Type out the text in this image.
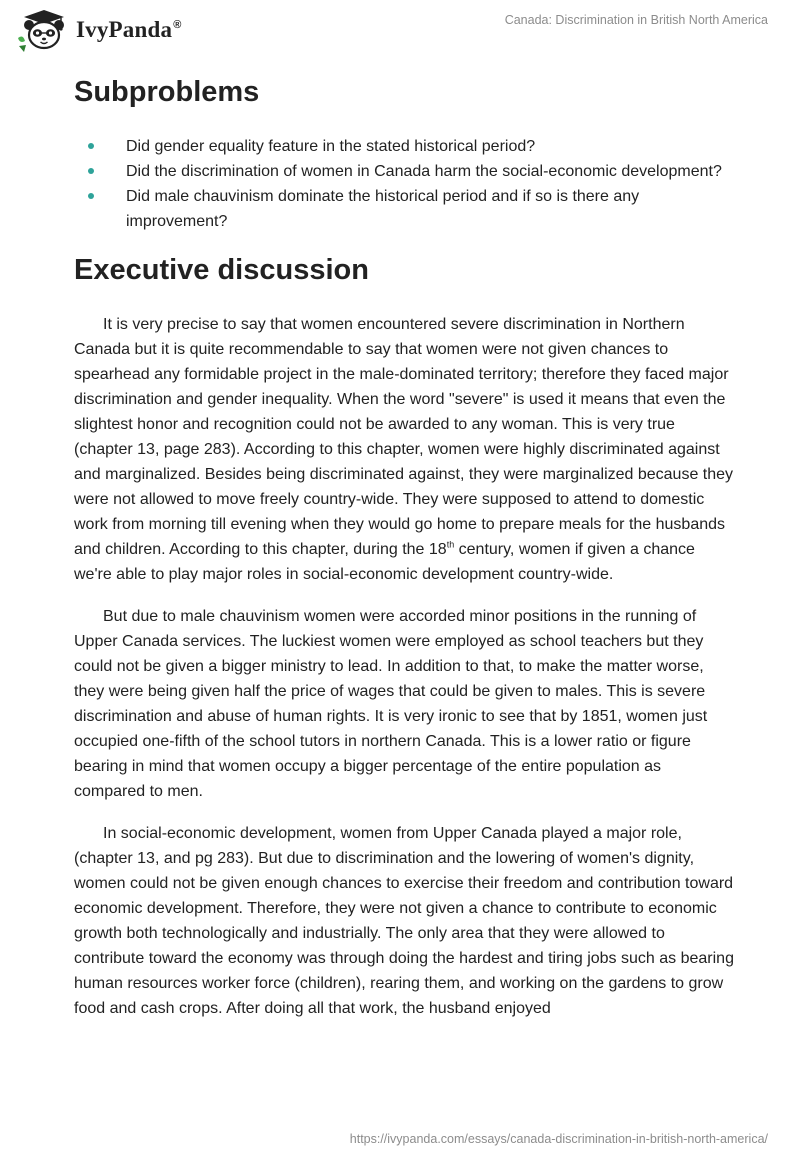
IvyPanda®	Canada: Discrimination in British North America
Subproblems
Did gender equality feature in the stated historical period?
Did the discrimination of women in Canada harm the social-economic development?
Did male chauvinism dominate the historical period and if so is there any improvement?
Executive discussion

It is very precise to say that women encountered severe discrimination in Northern Canada but it is quite recommendable to say that women were not given chances to spearhead any formidable project in the male-dominated territory; therefore they faced major discrimination and gender inequality. When the word "severe" is used it means that even the slightest honor and recognition could not be awarded to any woman. This is very true (chapter 13, page 283). According to this chapter, women were highly discriminated against and marginalized. Besides being discriminated against, they were marginalized because they were not allowed to move freely country-wide. They were supposed to attend to domestic work from morning till evening when they would go home to prepare meals for the husbands and children. According to this chapter, during the 18th century, women if given a chance we're able to play major roles in social-economic development country-wide.

But due to male chauvinism women were accorded minor positions in the running of Upper Canada services. The luckiest women were employed as school teachers but they could not be given a bigger ministry to lead. In addition to that, to make the matter worse, they were being given half the price of wages that could be given to males. This is severe discrimination and abuse of human rights. It is very ironic to see that by 1851, women just occupied one-fifth of the school tutors in northern Canada. This is a lower ratio or figure bearing in mind that women occupy a bigger percentage of the entire population as compared to men.

In social-economic development, women from Upper Canada played a major role, (chapter 13, and pg 283). But due to discrimination and the lowering of women's dignity, women could not be given enough chances to exercise their freedom and contribution toward economic development. Therefore, they were not given a chance to contribute to economic growth both technologically and industrially. The only area that they were allowed to contribute toward the economy was through doing the hardest and tiring jobs such as bearing human resources worker force (children), rearing them, and working on the gardens to grow food and cash crops. After doing all that work, the husband enjoyed

https://ivypanda.com/essays/canada-discrimination-in-british-north-america/
